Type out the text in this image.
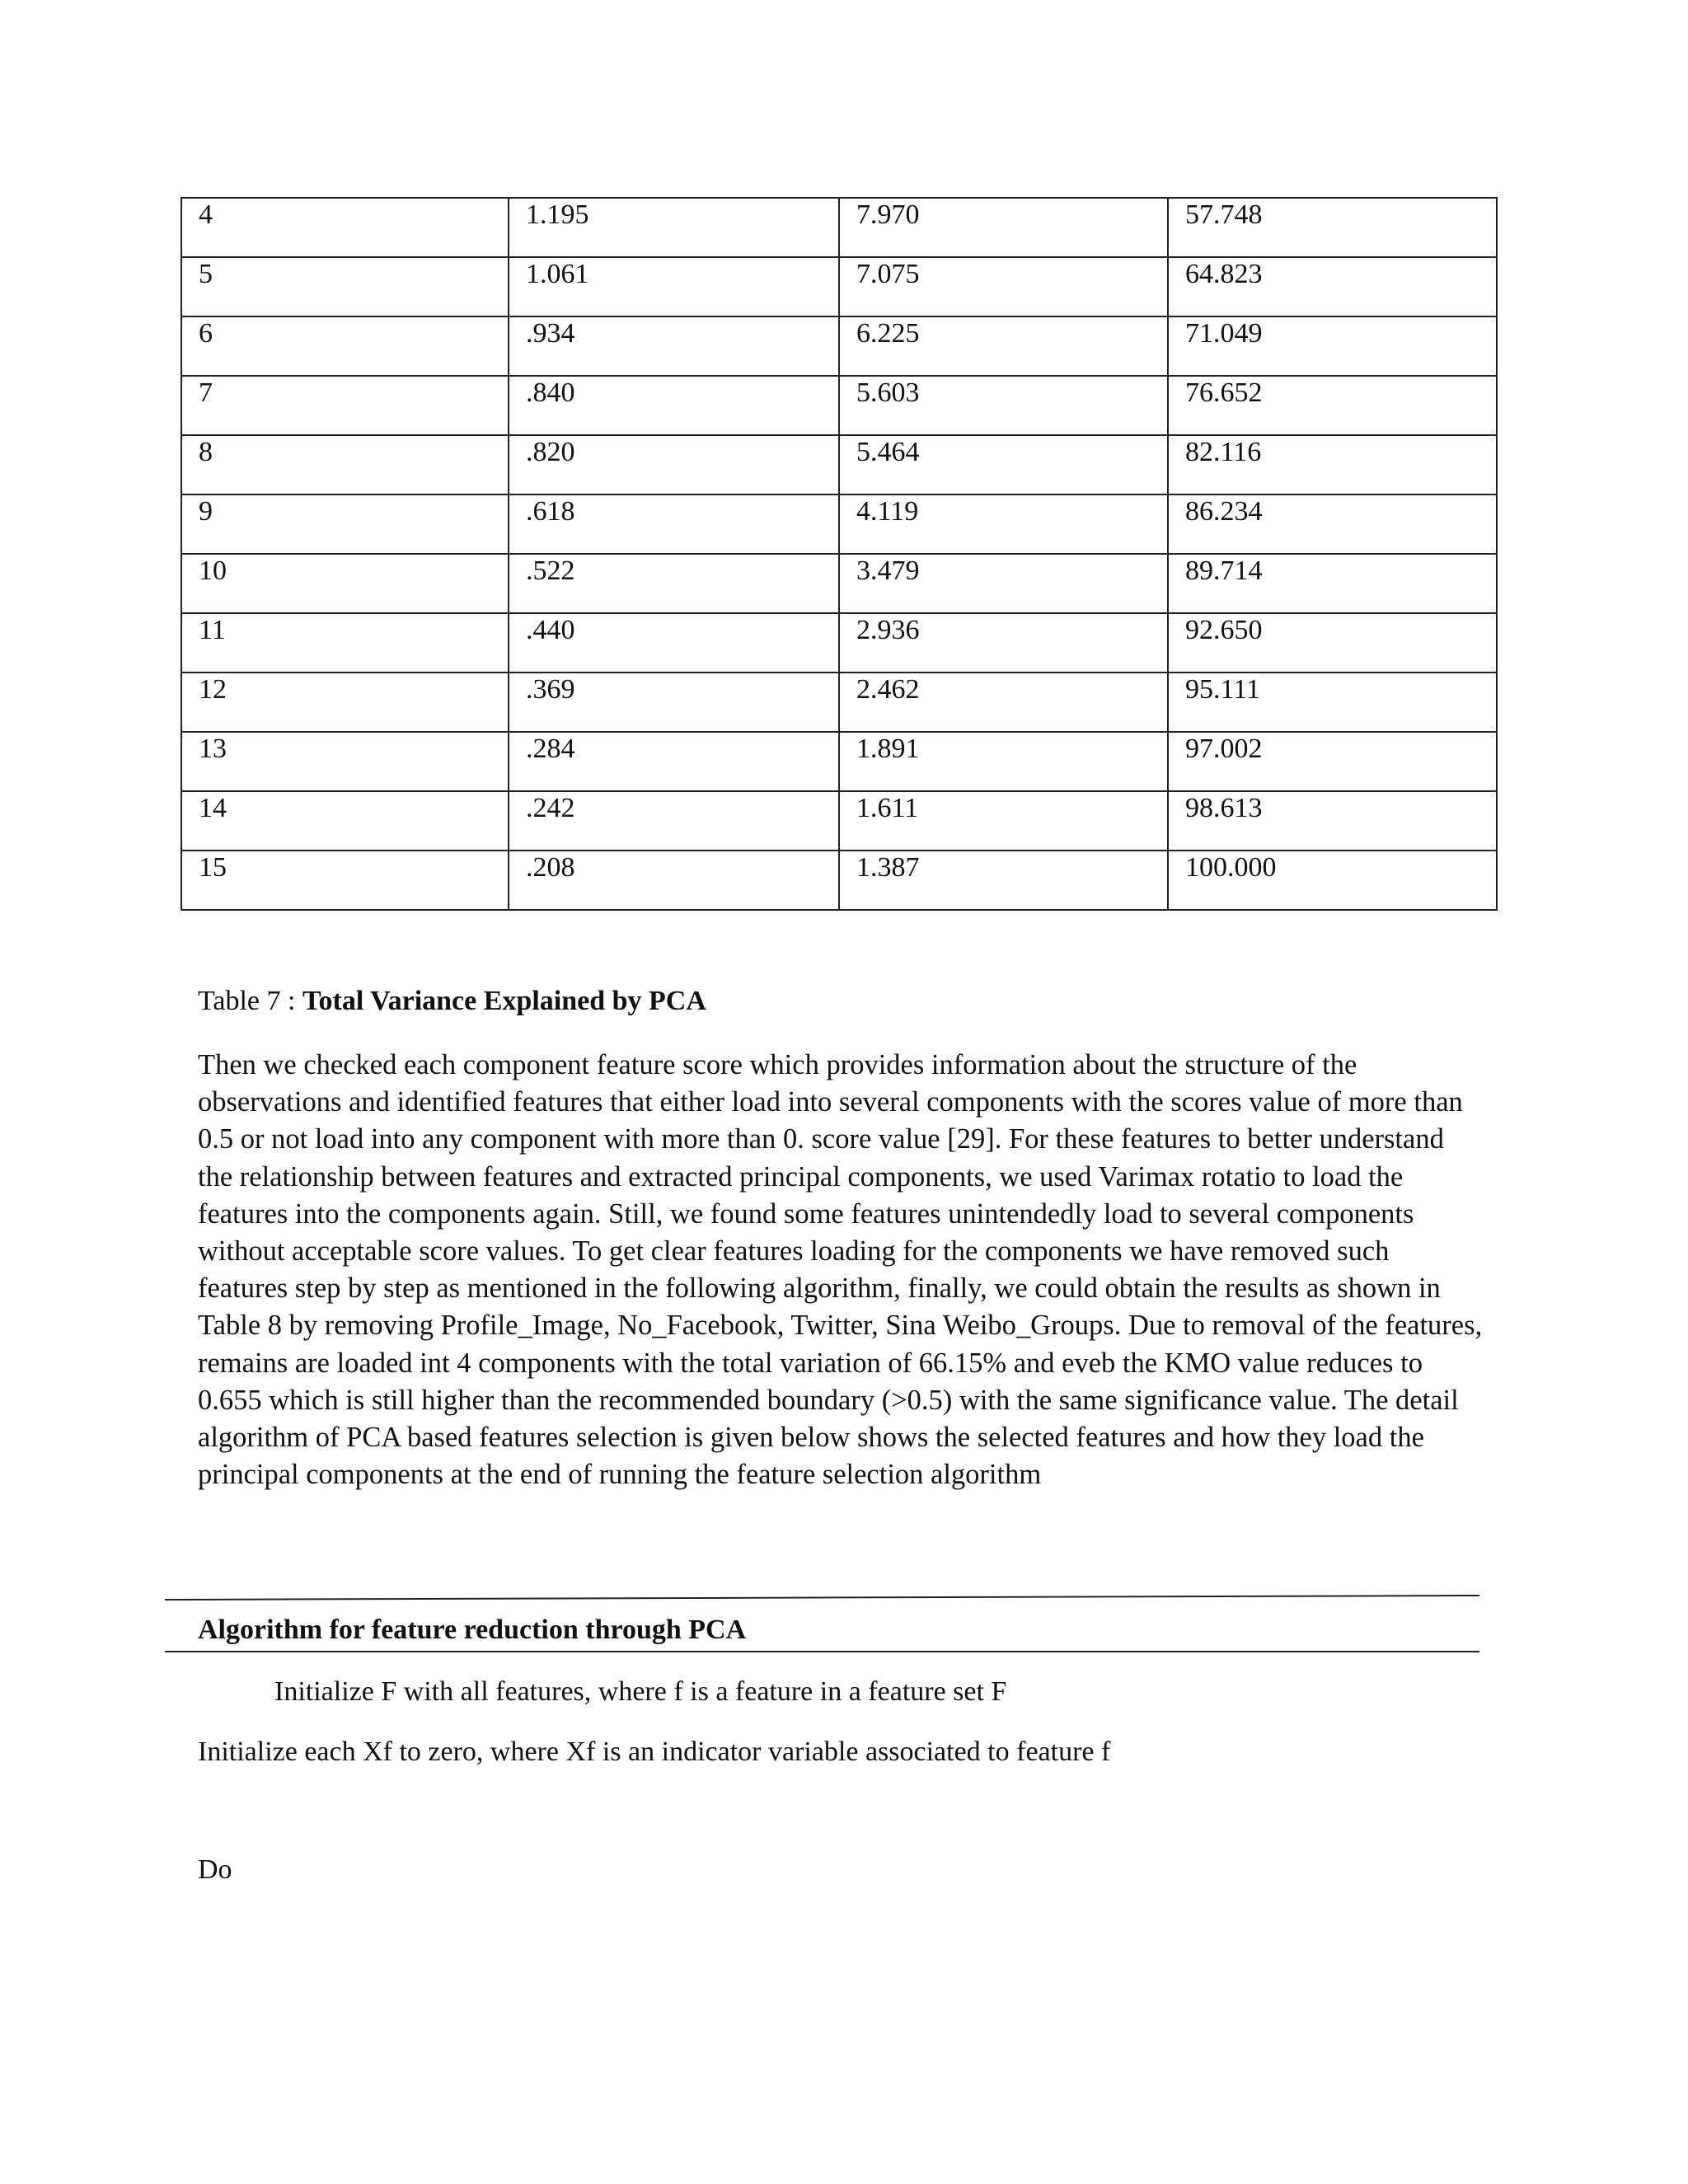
4	1.195	7.970	57.748
5	1.061	7.075	64.823
6	.934	6.225	71.049
7	.840	5.603	76.652
8	.820	5.464	82.116
9	.618	4.119	86.234
10	.522	3.479	89.714
11	.440	2.936	92.650
12	.369	2.462	95.111
13	.284	1.891	97.002
14	.242	1.611	98.613
15	.208	1.387	100.000
Table 7 : Total Variance Explained by PCA

Then we checked each component feature score which provides information about the structure of the observations and identified features that either load into several components with the scores value of more than 0.5 or not load into any component with more than 0. score value [29]. For these features to better understand the relationship between features and extracted principal components, we used Varimax rotatio to load the features into the components again. Still, we found some features unintendedly load to several components without acceptable score values. To get clear features loading for the components we have removed such features step by step as mentioned in the following algorithm, finally, we could obtain the results as shown in Table 8 by removing Profile_Image, No_Facebook, Twitter, Sina Weibo_Groups. Due to removal of the features, remains are loaded int 4 components with the total variation of 66.15% and eveb the KMO value reduces to 0.655 which is still higher than the recommended boundary (>0.5) with the same significance value. The detail algorithm of PCA based features selection is given below shows the selected features and how they load the principal components at the end of running the feature selection algorithm

Algorithm for feature reduction through PCA
Initialize F with all features, where f is a feature in a feature set F
Initialize each Xf to zero, where Xf is an indicator variable associated to feature f
Do
